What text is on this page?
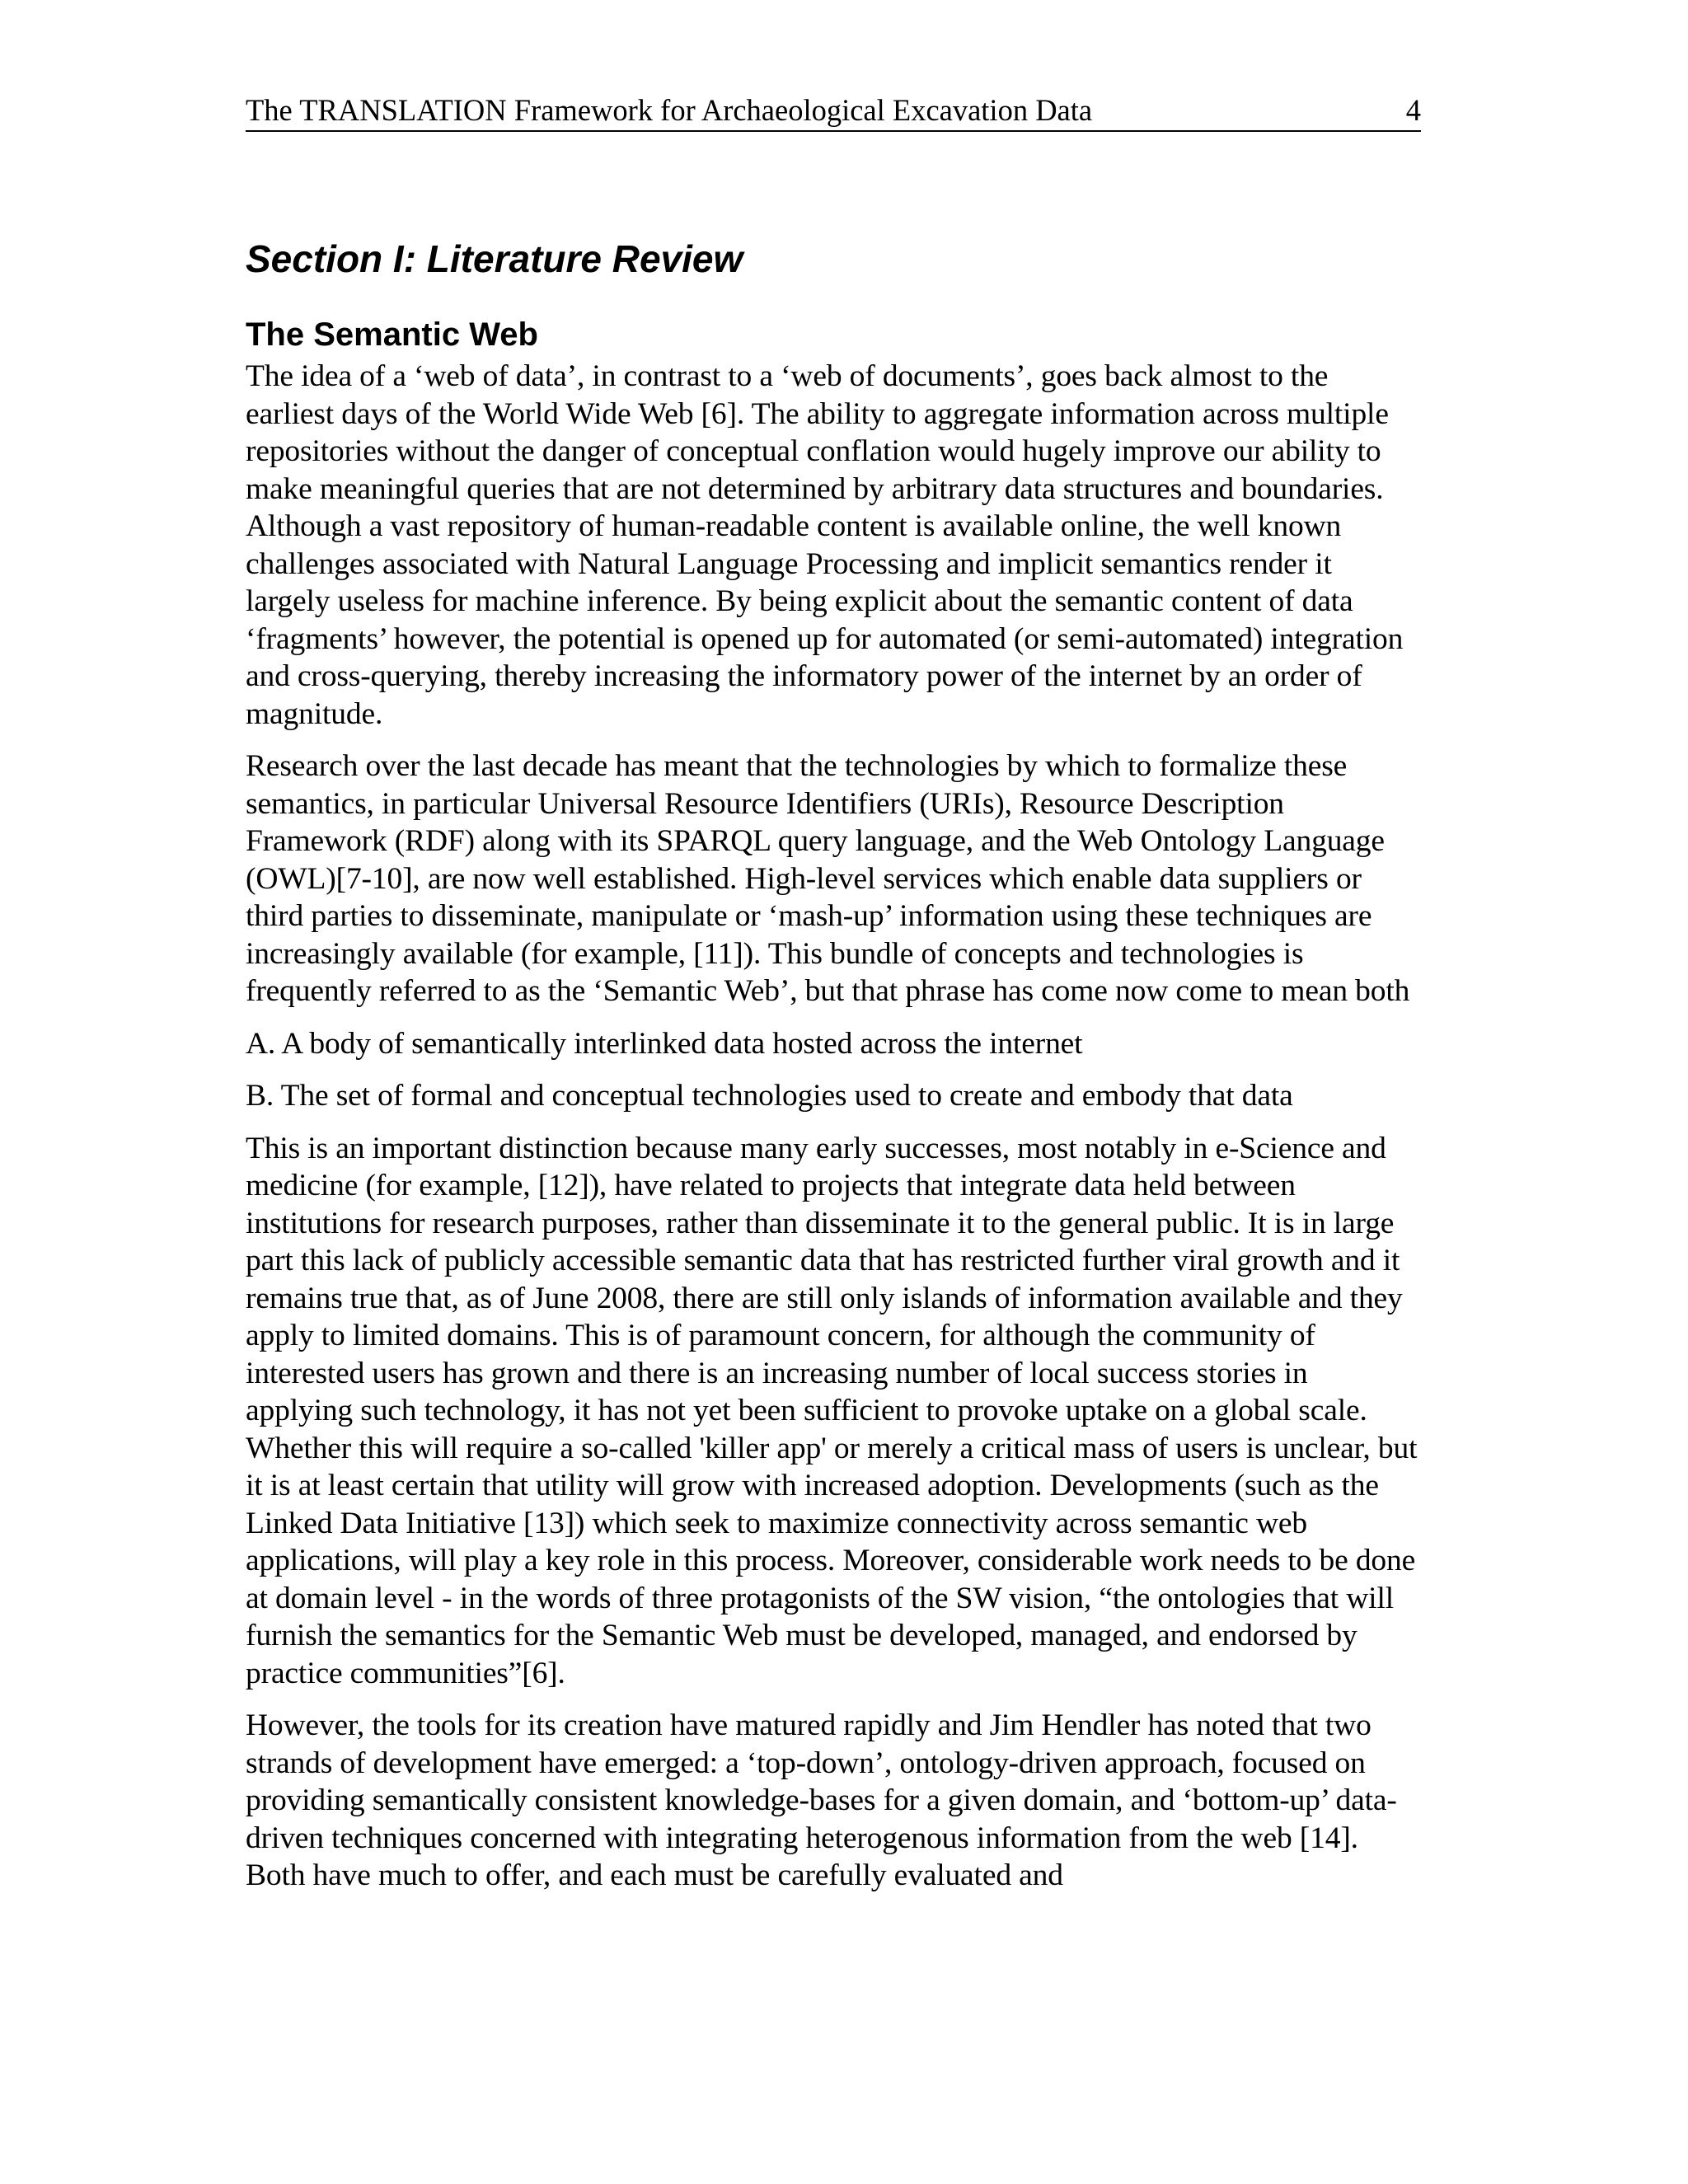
The TRANSLATION Framework for Archaeological Excavation Data	4
Section I: Literature Review
The Semantic Web

The idea of a ‘web of data’, in contrast to a ‘web of documents’, goes back almost to the earliest days of the World Wide Web [6]. The ability to aggregate information across multiple repositories without the danger of conceptual conflation would hugely improve our ability to make meaningful queries that are not determined by arbitrary data structures and boundaries. Although a vast repository of human-readable content is available online, the well known challenges associated with Natural Language Processing and implicit semantics render it largely useless for machine inference. By being explicit about the semantic content of data ‘fragments’ however, the potential is opened up for automated (or semi-automated) integration and cross-querying, thereby increasing the informatory power of the internet by an order of magnitude.

Research over the last decade has meant that the technologies by which to formalize these semantics, in particular Universal Resource Identifiers (URIs), Resource Description Framework (RDF) along with its SPARQL query language, and the Web Ontology Language (OWL)[7-10], are now well established. High-level services which enable data suppliers or third parties to disseminate, manipulate or ‘mash-up’ information using these techniques are increasingly available (for example, [11]). This bundle of concepts and technologies is frequently referred to as the ‘Semantic Web’, but that phrase has come now come to mean both

A. A body of semantically interlinked data hosted across the internet

B. The set of formal and conceptual technologies used to create and embody that data

This is an important distinction because many early successes, most notably in e-Science and medicine (for example, [12]), have related to projects that integrate data held between institutions for research purposes, rather than disseminate it to the general public. It is in large part this lack of publicly accessible semantic data that has restricted further viral growth and it remains true that, as of June 2008, there are still only islands of information available and they apply to limited domains. This is of paramount concern, for although the community of interested users has grown and there is an increasing number of local success stories in applying such technology, it has not yet been sufficient to provoke uptake on a global scale. Whether this will require a so-called 'killer app' or merely a critical mass of users is unclear, but it is at least certain that utility will grow with increased adoption. Developments (such as the Linked Data Initiative [13]) which seek to maximize connectivity across semantic web applications, will play a key role in this process. Moreover, considerable work needs to be done at domain level - in the words of three protagonists of the SW vision, “the ontologies that will furnish the semantics for the Semantic Web must be developed, managed, and endorsed by practice communities”[6].

However, the tools for its creation have matured rapidly and Jim Hendler has noted that two strands of development have emerged: a ‘top-down’, ontology-driven approach, focused on providing semantically consistent knowledge-bases for a given domain, and ‘bottom-up’ data-driven techniques concerned with integrating heterogenous information from the web [14]. Both have much to offer, and each must be carefully evaluated and
